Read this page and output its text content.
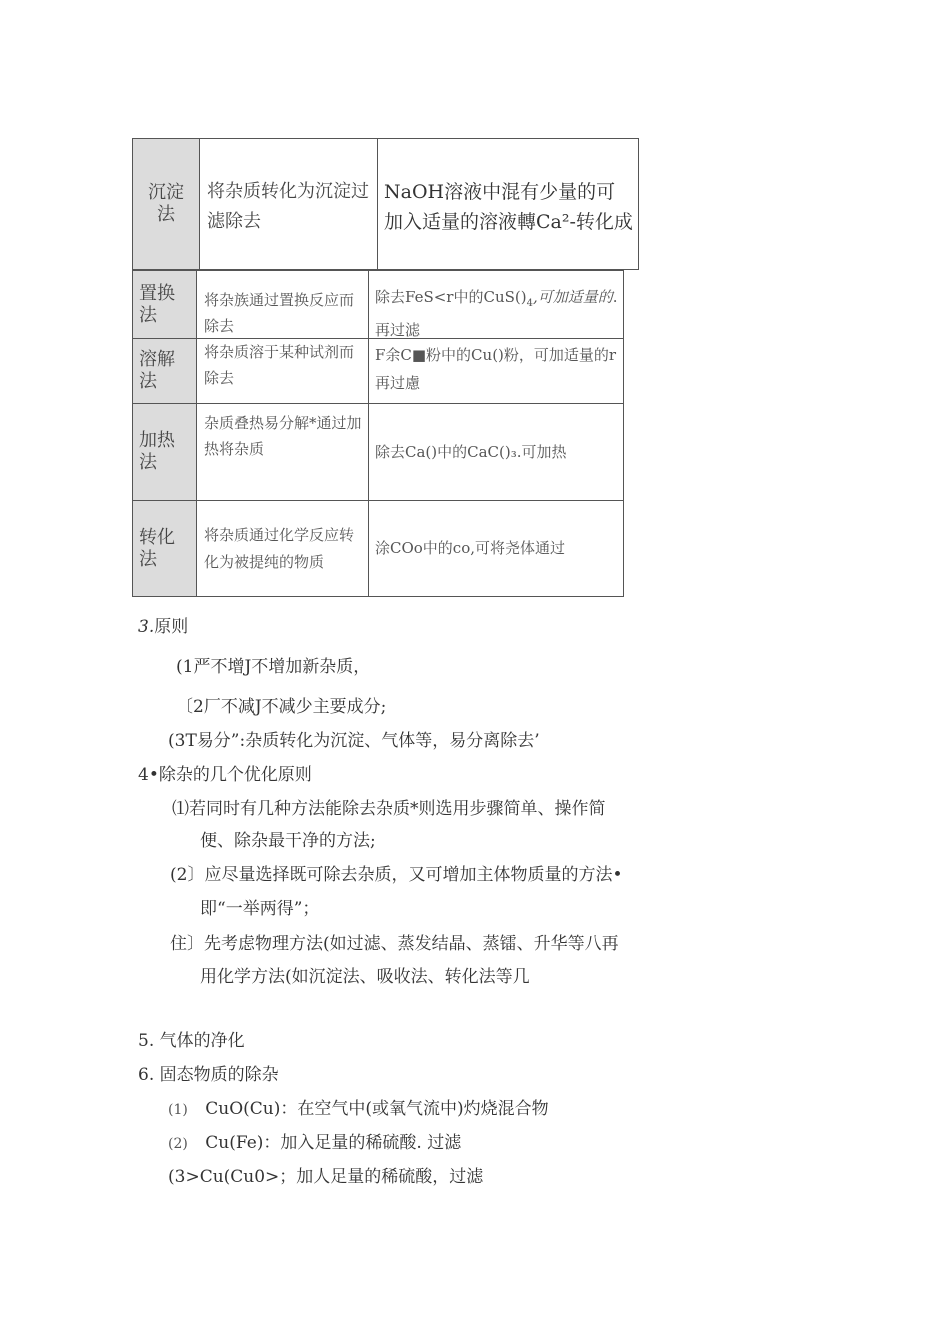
沉淀法
将杂质转化为沉淀过滤除去
NaOH溶液中混有少量的可加入适量的溶液轉Ca²-转化成
置换法
将杂族通过置换反应而除去
除去FeS<r中的$CuS()_4$,可加适量的. 再过滤
溶解法
将杂质溶于某种试剂而除去
F余C■粉中的Cu()粉，可加适量的r再过慮
加热法
杂质叠热易分解*通过加热将杂质	除去Ca()中的CaC()₃.可加热
转化法
将杂质通过化学反应转化为被提纯的物质
涂COo中的co,可将尧体通过
3.原则
(1严不增J不增加新杂质，
〔2厂不减J不减少主要成分;
(3T易分”:杂质转化为沉淀、气体等，易分离除去’
4•除杂的几个优化原则
⑴若同时有几种方法能除去杂质*则选用步骤简单、操作简
便、除杂最干净的方法;
(2〕应尽量选择既可除去杂质，又可增加主体物质量的方法•
即“一举两得”；
住〕先考虑物理方法(如过滤、蒸发结晶、蒸镭、升华等八再
用化学方法(如沉淀法、吸收法、转化法等几
5. 气体的净化
6. 固态物质的除杂
(1) CuO(Cu)：在空气中(或氧气流中)灼烧混合物
(2) Cu(Fe)：加入足量的稀硫酸. 过滤
(3>Cu(Cu0>；加人足量的稀硫酸，过滤
